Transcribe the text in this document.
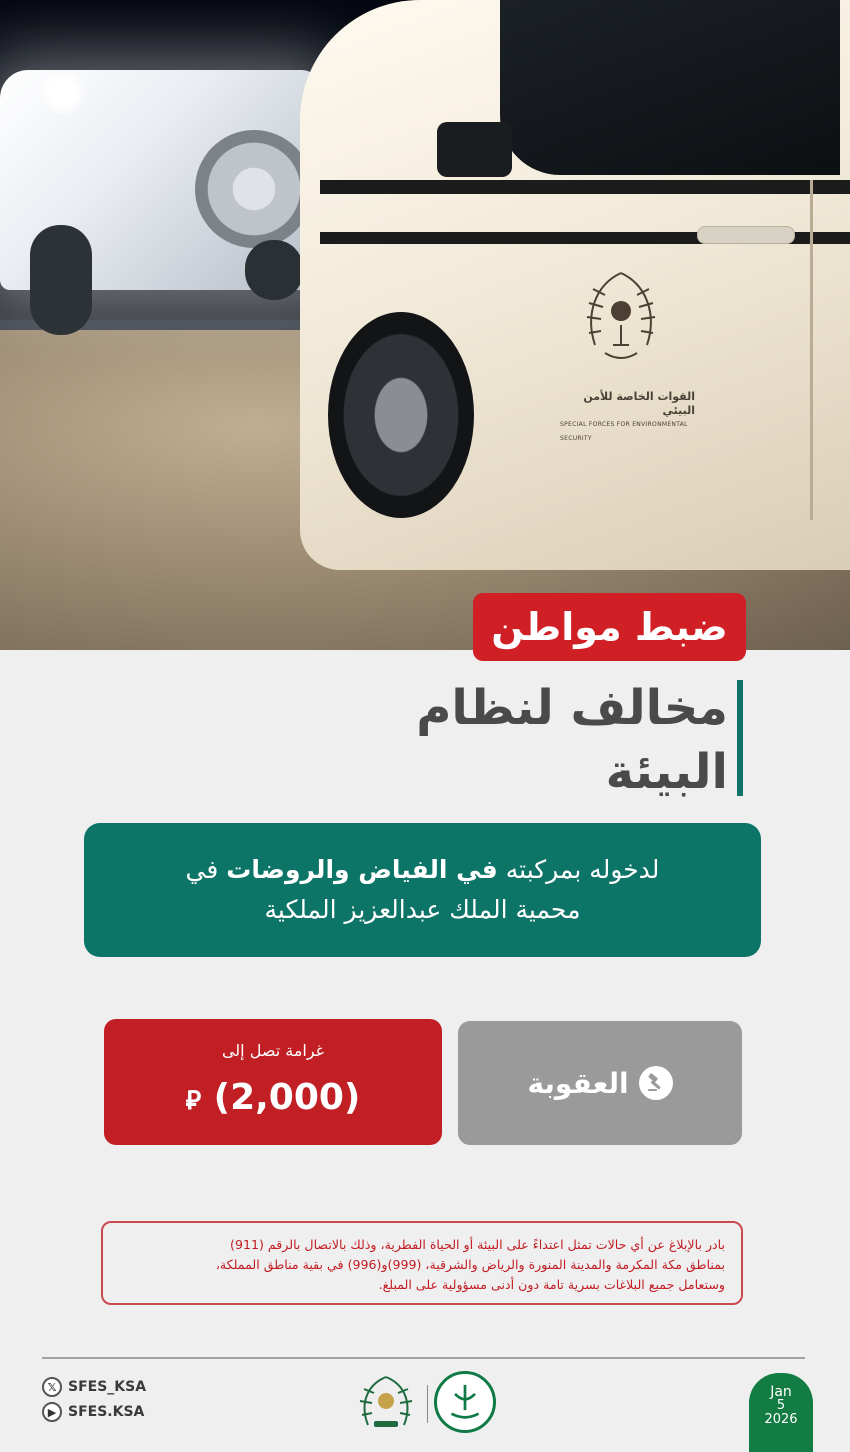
القوات الخاصة للأمن البيئي
SPECIAL FORCES FOR ENVIRONMENTAL SECURITY
ضبط مواطن
مخالف لنظام
البيئة
لدخوله بمركبته في الفياض والروضات في
محمية الملك عبدالعزيز الملكية
غرامة تصل إلى
⃁ (2,000)	العقوبة
بادر بالإبلاغ عن أي حالات تمثل اعتداءً على البيئة أو الحياة الفطرية، وذلك بالاتصال بالرقم (911)
بمناطق مكة المكرمة والمدينة المنورة والرياض والشرقية، (999)و(996) في بقية مناطق المملكة،
وستعامل جميع البلاغات بسرية تامة دون أدنى مسؤولية على المبلغ.
𝕏 SFES_KSA
▶ SFES.KSA
Jan
5
2026
